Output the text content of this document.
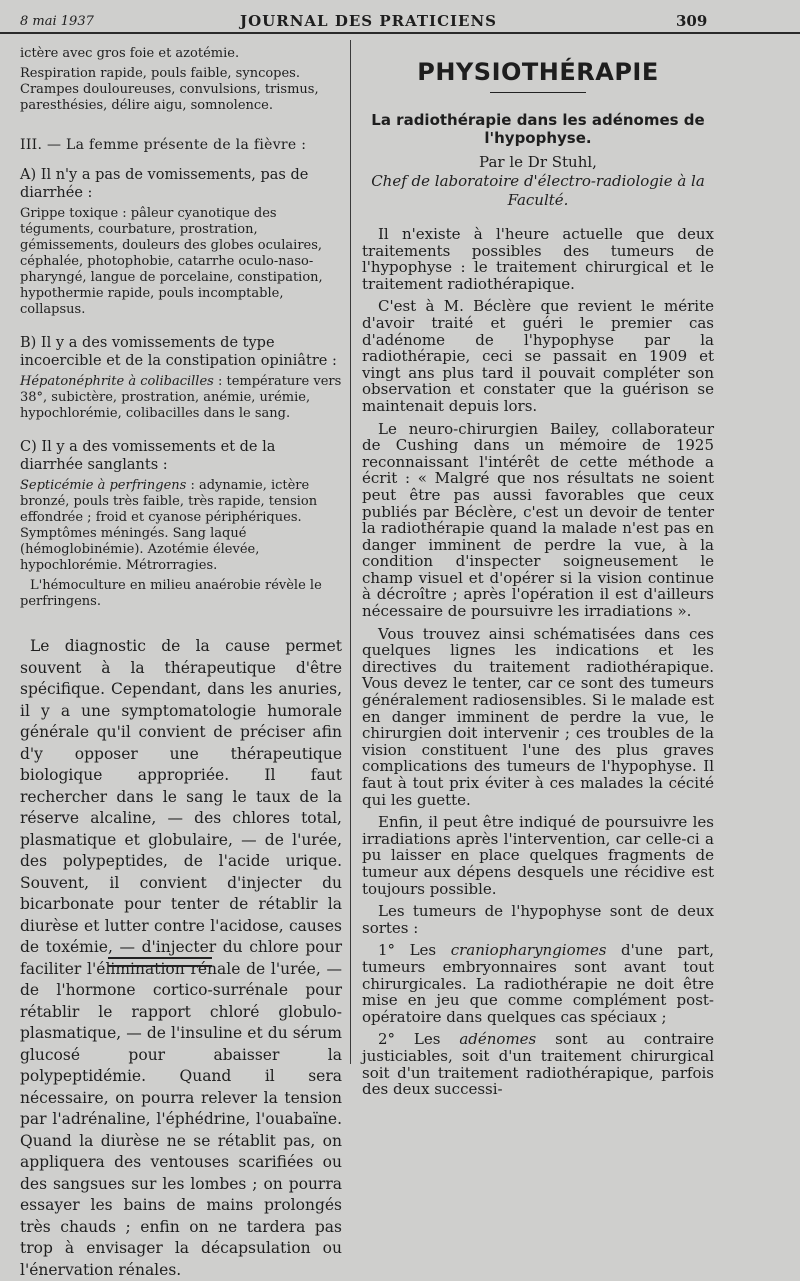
8 mai 1937	JOURNAL DES PRATICIENS	309

ictère avec gros foie et azotémie.

Respiration rapide, pouls faible, syncopes. Crampes douloureuses, convulsions, trismus, paresthésies, délire aigu, somnolence.

III. — La femme présente de la fièvre :

A) Il n'y a pas de vomissements, pas de diarrhée :

Grippe toxique : pâleur cyanotique des téguments, courbature, prostration, gémissements, douleurs des globes oculaires, céphalée, photophobie, catarrhe oculo-naso-pharyngé, langue de porcelaine, constipation, hypothermie rapide, pouls incomptable, collapsus.

B) Il y a des vomissements de type incoercible et de la constipation opiniâtre :

Hépatonéphrite à colibacilles : température vers 38°, subictère, prostration, anémie, urémie, hypochlorémie, colibacilles dans le sang.

C) Il y a des vomissements et de la diarrhée sanglants :

Septicémie à perfringens : adynamie, ictère bronzé, pouls très faible, très rapide, tension effondrée ; froid et cyanose périphériques. Symptômes méningés. Sang laqué (hémoglobinémie). Azotémie élevée, hypochlorémie. Métrorragies.

L'hémoculture en milieu anaérobie révèle le perfringens.

Le diagnostic de la cause permet souvent à la thérapeutique d'être spécifique. Cependant, dans les anuries, il y a une symptomatologie humorale générale qu'il convient de préciser afin d'y opposer une thérapeutique biologique appropriée. Il faut rechercher dans le sang le taux de la réserve alcaline, — des chlores total, plasmatique et globulaire, — de l'urée, des polypeptides, de l'acide urique. Souvent, il convient d'injecter du bicarbonate pour tenter de rétablir la diurèse et lutter contre l'acidose, causes de toxémie, — d'injecter du chlore pour faciliter l'élimination rénale de l'urée, — de l'hormone cortico-surrénale pour rétablir le rapport chloré globulo-plasmatique, — de l'insuline et du sérum glucosé pour abaisser la polypeptidémie. Quand il sera nécessaire, on pourra relever la tension par l'adrénaline, l'éphédrine, l'ouabaïne. Quand la diurèse ne se rétablit pas, on appliquera des ventouses scarifiées ou des sangsues sur les lombes ; on pourra essayer les bains de mains prolongés très chauds ; enfin on ne tardera pas trop à envisager la décapsulation ou l'énervation rénales.

PHYSIOTHÉRAPIE

La radiothérapie dans les adénomes de l'hypophyse.

Par le Dr Stuhl,
Chef de laboratoire d'électro-radiologie à la Faculté.

Il n'existe à l'heure actuelle que deux traitements possibles des tumeurs de l'hypophyse : le traitement chirurgical et le traitement radiothérapique.

C'est à M. Béclère que revient le mérite d'avoir traité et guéri le premier cas d'adénome de l'hypophyse par la radiothérapie, ceci se passait en 1909 et vingt ans plus tard il pouvait compléter son observation et constater que la guérison se maintenait depuis lors.

Le neuro-chirurgien Bailey, collaborateur de Cushing dans un mémoire de 1925 reconnaissant l'intérêt de cette méthode a écrit : « Malgré que nos résultats ne soient peut être pas aussi favorables que ceux publiés par Béclère, c'est un devoir de tenter la radiothérapie quand la malade n'est pas en danger imminent de perdre la vue, à la condition d'inspecter soigneusement le champ visuel et d'opérer si la vision continue à décroître ; après l'opération il est d'ailleurs nécessaire de poursuivre les irradiations ».

Vous trouvez ainsi schématisées dans ces quelques lignes les indications et les directives du traitement radiothérapique. Vous devez le tenter, car ce sont des tumeurs généralement radiosensibles. Si le malade est en danger imminent de perdre la vue, le chirurgien doit intervenir ; ces troubles de la vision constituent l'une des plus graves complications des tumeurs de l'hypophyse. Il faut à tout prix éviter à ces malades la cécité qui les guette.

Enfin, il peut être indiqué de poursuivre les irradiations après l'intervention, car celle-ci a pu laisser en place quelques fragments de tumeur aux dépens desquels une récidive est toujours possible.

Les tumeurs de l'hypophyse sont de deux sortes :

1° Les craniopharyngiomes d'une part, tumeurs embryonnaires sont avant tout chirurgicales. La radiothérapie ne doit être mise en jeu que comme complément post-opératoire dans quelques cas spéciaux ;

2° Les adénomes sont au contraire justiciables, soit d'un traitement chirurgical soit d'un traitement radiothérapique, parfois des deux successi-
